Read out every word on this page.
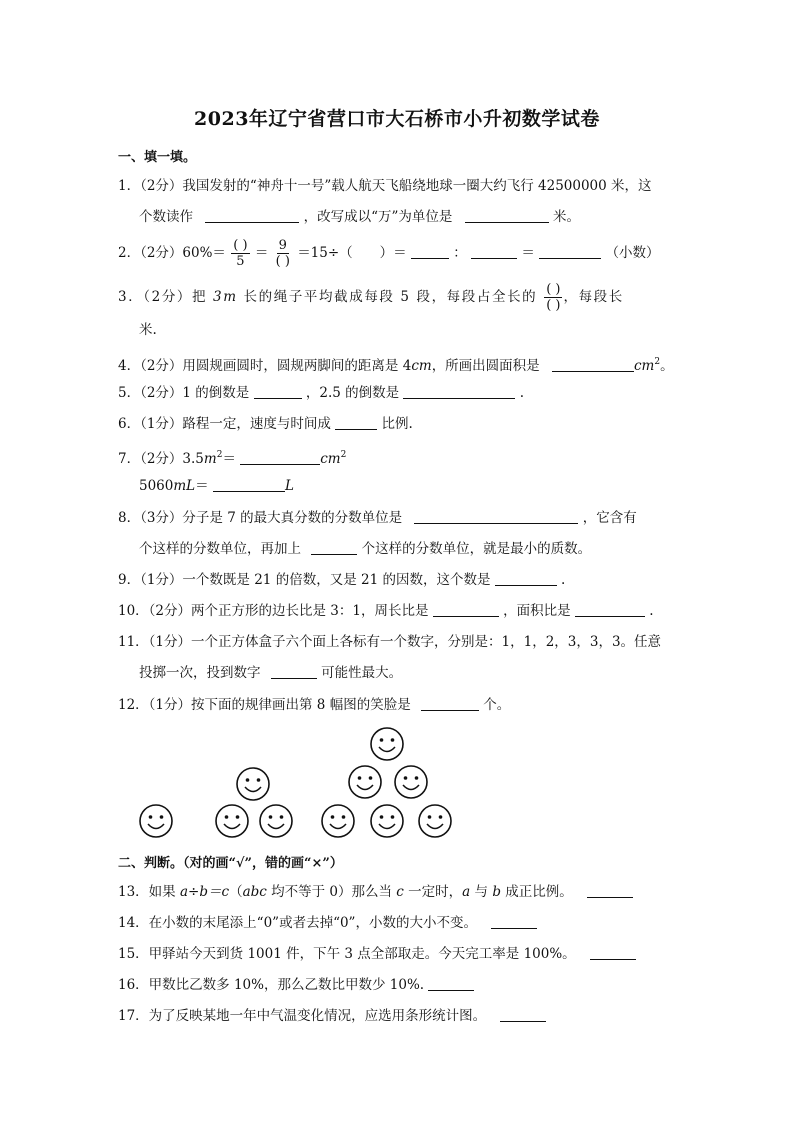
2023年辽宁省营口市大石桥市小升初数学试卷
一、填一填。
1．（2分）我国发射的“神舟十一号”载人航天飞船绕地球一圈大约飞行 42500000 米，这
个数读作	，改写成以“万”为单位是	米。
2．（2分）$60\%= \frac{( )}{5} = \frac{9}{( )} =15\div$（　　）＝	：	＝	（小数）
3．（2分）把 3m 长的绳子平均截成每段 5 段，每段占全长的 $\frac{( )}{( )}$ ，每段长
米.
4．（2分）用圆规画圆时，圆规两脚间的距离是 4cm，所画出圆面积是	$cm^2$。
5．（2分）1 的倒数是	，2.5 的倒数是	.
6．（1分）路程一定，速度与时间成	比例.
7．（2分）$3.5m^2=$	$cm^2$
5060mL＝	L
8．（3分）分子是 7 的最大真分数的分数单位是	，它含有
个这样的分数单位，再加上	个这样的分数单位，就是最小的质数。
9．（1分）一个数既是 21 的倍数，又是 21 的因数，这个数是	.
10．（2分）两个正方形的边长比是 3：1，周长比是	，面积比是	.
11．（1分）一个正方体盒子六个面上各标有一个数字，分别是：1，1，2，3，3，3。任意
投掷一次，投到数字	可能性最大。
12．（1分）按下面的规律画出第 8 幅图的笑脸是	个。
二、判断。（对的画“√”，错的画“×”）
13．如果 a÷b＝c（abc 均不等于 0）那么当 c 一定时，a 与 b 成正比例。
14．在小数的末尾添上“0”或者去掉“0”，小数的大小不变。
15．甲驿站今天到货 1001 件，下午 3 点全部取走。今天完工率是 100%。
16．甲数比乙数多 10%，那么乙数比甲数少 10%.
17．为了反映某地一年中气温变化情况，应选用条形统计图。
